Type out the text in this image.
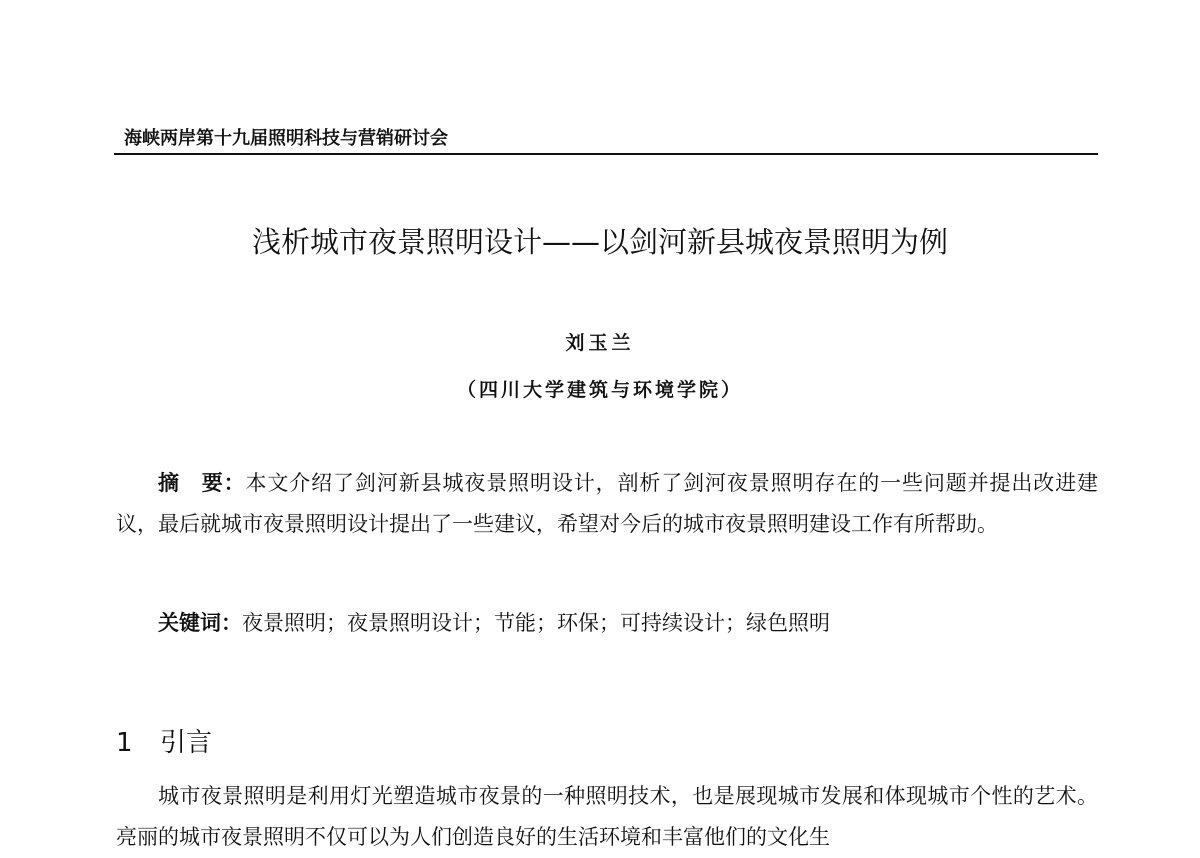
海峡两岸第十九届照明科技与营销研讨会
浅析城市夜景照明设计——以剑河新县城夜景照明为例
刘玉兰
（四川大学建筑与环境学院）

摘　要：本文介绍了剑河新县城夜景照明设计，剖析了剑河夜景照明存在的一些问题并提出改进建议，最后就城市夜景照明设计提出了一些建议，希望对今后的城市夜景照明建设工作有所帮助。

关键词：夜景照明；夜景照明设计；节能；环保；可持续设计；绿色照明
1 引言

城市夜景照明是利用灯光塑造城市夜景的一种照明技术，也是展现城市发展和体现城市个性的艺术。亮丽的城市夜景照明不仅可以为人们创造良好的生活环境和丰富他们的文化生
